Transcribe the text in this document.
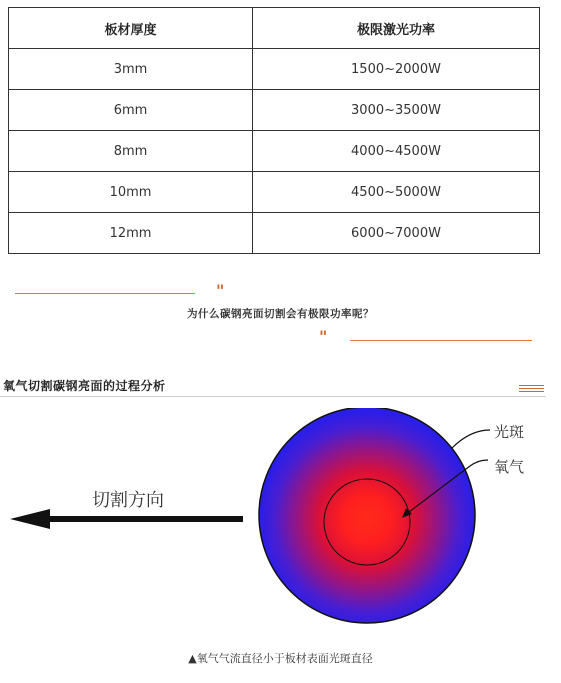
板材厚度	极限激光功率
3mm	1500~2000W
6mm	3000~3500W
8mm	4000~4500W
10mm	4500~5000W
12mm	6000~7000W
"
为什么碳钢亮面切割会有极限功率呢？
"
氧气切割碳钢亮面的过程分析
切割方向
光斑
氧气
▲氧气气流直径小于板材表面光斑直径
